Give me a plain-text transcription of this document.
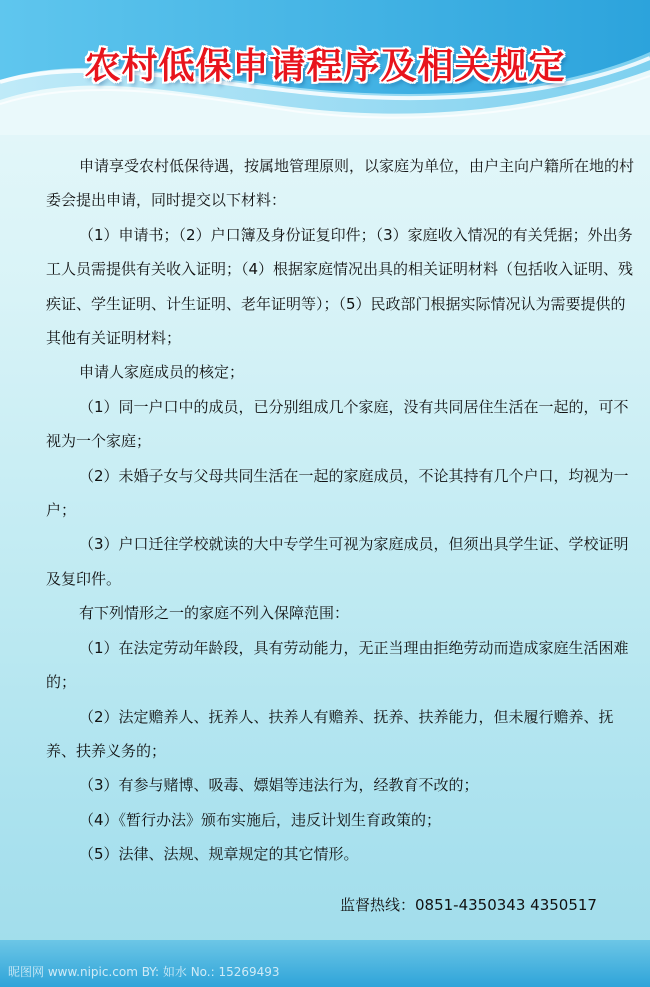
农村低保申请程序及相关规定

申请享受农村低保待遇，按属地管理原则，以家庭为单位，由户主向户籍所在地的村委会提出申请，同时提交以下材料：

（1）申请书；（2）户口簿及身份证复印件；（3）家庭收入情况的有关凭据；外出务工人员需提供有关收入证明；（4）根据家庭情况出具的相关证明材料（包括收入证明、残疾证、学生证明、计生证明、老年证明等）；（5）民政部门根据实际情况认为需要提供的其他有关证明材料；

申请人家庭成员的核定；

（1）同一户口中的成员，已分别组成几个家庭，没有共同居住生活在一起的，可不视为一个家庭；

（2）未婚子女与父母共同生活在一起的家庭成员，不论其持有几个户口，均视为一户；

（3）户口迁往学校就读的大中专学生可视为家庭成员，但须出具学生证、学校证明及复印件。

有下列情形之一的家庭不列入保障范围：

（1）在法定劳动年龄段，具有劳动能力，无正当理由拒绝劳动而造成家庭生活困难的；

（2）法定赡养人、抚养人、扶养人有赡养、抚养、扶养能力，但未履行赡养、抚养、扶养义务的；

（3）有参与赌博、吸毒、嫖娼等违法行为，经教育不改的；

（4）《暂行办法》颁布实施后，违反计划生育政策的；

（5）法律、法规、规章规定的其它情形。

监督热线：0851-4350343 4350517
昵图网 www.nipic.com BY: 如水 No.: 15269493
